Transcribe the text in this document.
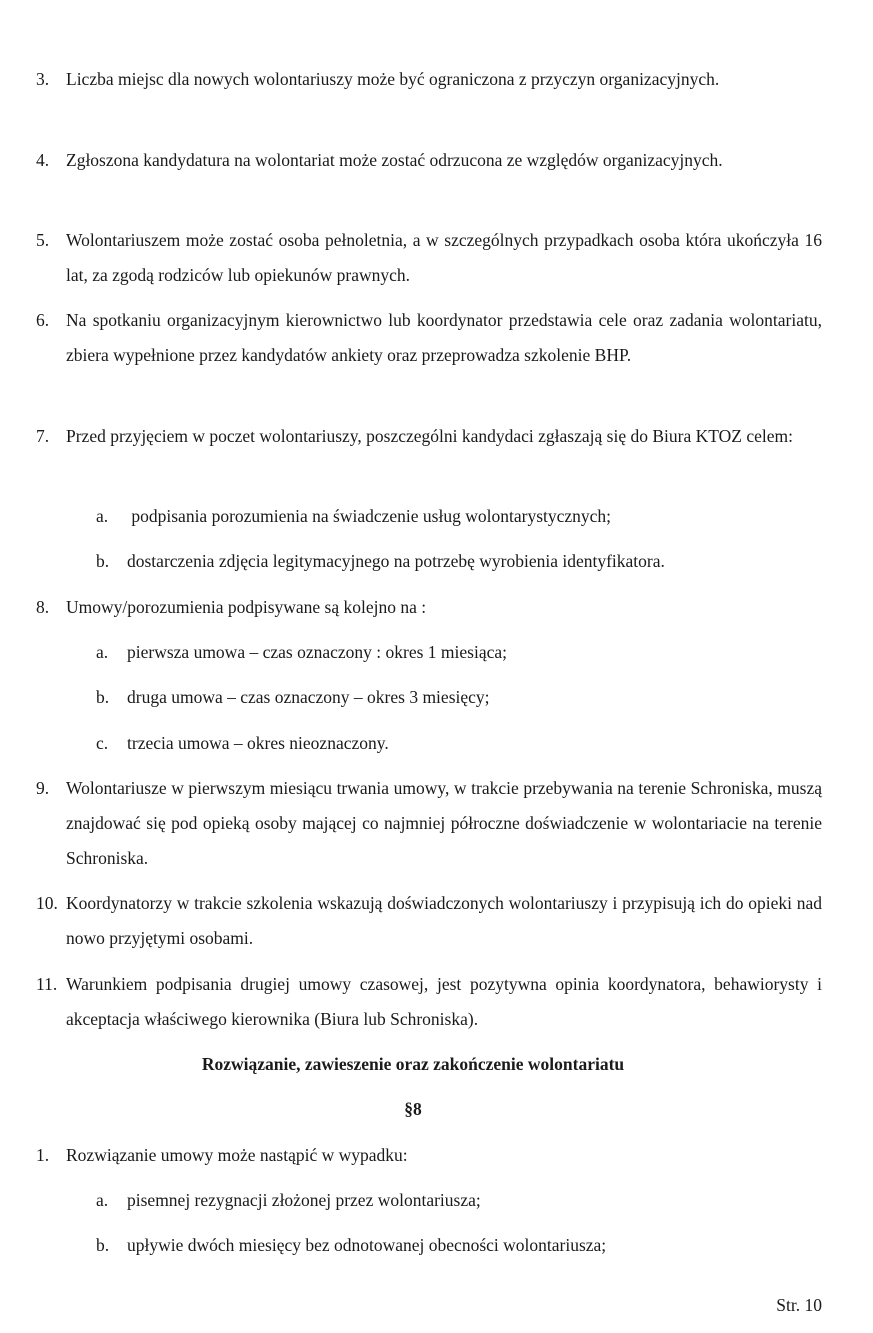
3. Liczba miejsc dla nowych wolontariuszy może być ograniczona z przyczyn organizacyjnych.
4. Zgłoszona kandydatura na wolontariat może zostać odrzucona ze względów organizacyjnych.
5. Wolontariuszem może zostać osoba pełnoletnia, a w szczególnych przypadkach osoba która ukończyła 16 lat, za zgodą rodziców lub opiekunów prawnych.
6. Na spotkaniu organizacyjnym kierownictwo lub koordynator przedstawia cele oraz zadania wolontariatu, zbiera wypełnione przez kandydatów ankiety oraz przeprowadza szkolenie BHP.
7. Przed przyjęciem w poczet wolontariuszy, poszczególni kandydaci zgłaszają się do Biura KTOZ celem:
a.	podpisania porozumienia na świadczenie usług wolontarystycznych;
b.	dostarczenia zdjęcia legitymacyjnego na potrzebę wyrobienia identyfikatora.
8. Umowy/porozumienia podpisywane są kolejno na :
a.	pierwsza umowa – czas oznaczony : okres 1 miesiąca;
b.	druga umowa – czas oznaczony – okres 3 miesięcy;
c.	trzecia umowa – okres nieoznaczony.
9. Wolontariusze w pierwszym miesiącu trwania umowy, w trakcie przebywania na terenie Schroniska, muszą znajdować się pod opieką osoby mającej co najmniej półroczne doświadczenie w wolontariacie na terenie Schroniska.
10. Koordynatorzy w trakcie szkolenia wskazują doświadczonych wolontariuszy i przypisują ich do opieki nad nowo przyjętymi osobami.
11. Warunkiem podpisania drugiej umowy czasowej, jest pozytywna opinia koordynatora, behawiorysty i akceptacja właściwego kierownika (Biura lub Schroniska).
Rozwiązanie, zawieszenie oraz zakończenie wolontariatu
§8
1. Rozwiązanie umowy może nastąpić w wypadku:
a.	pisemnej rezygnacji złożonej przez wolontariusza;
b.	upływie dwóch miesięcy bez odnotowanej obecności wolontariusza;
Str. 10
